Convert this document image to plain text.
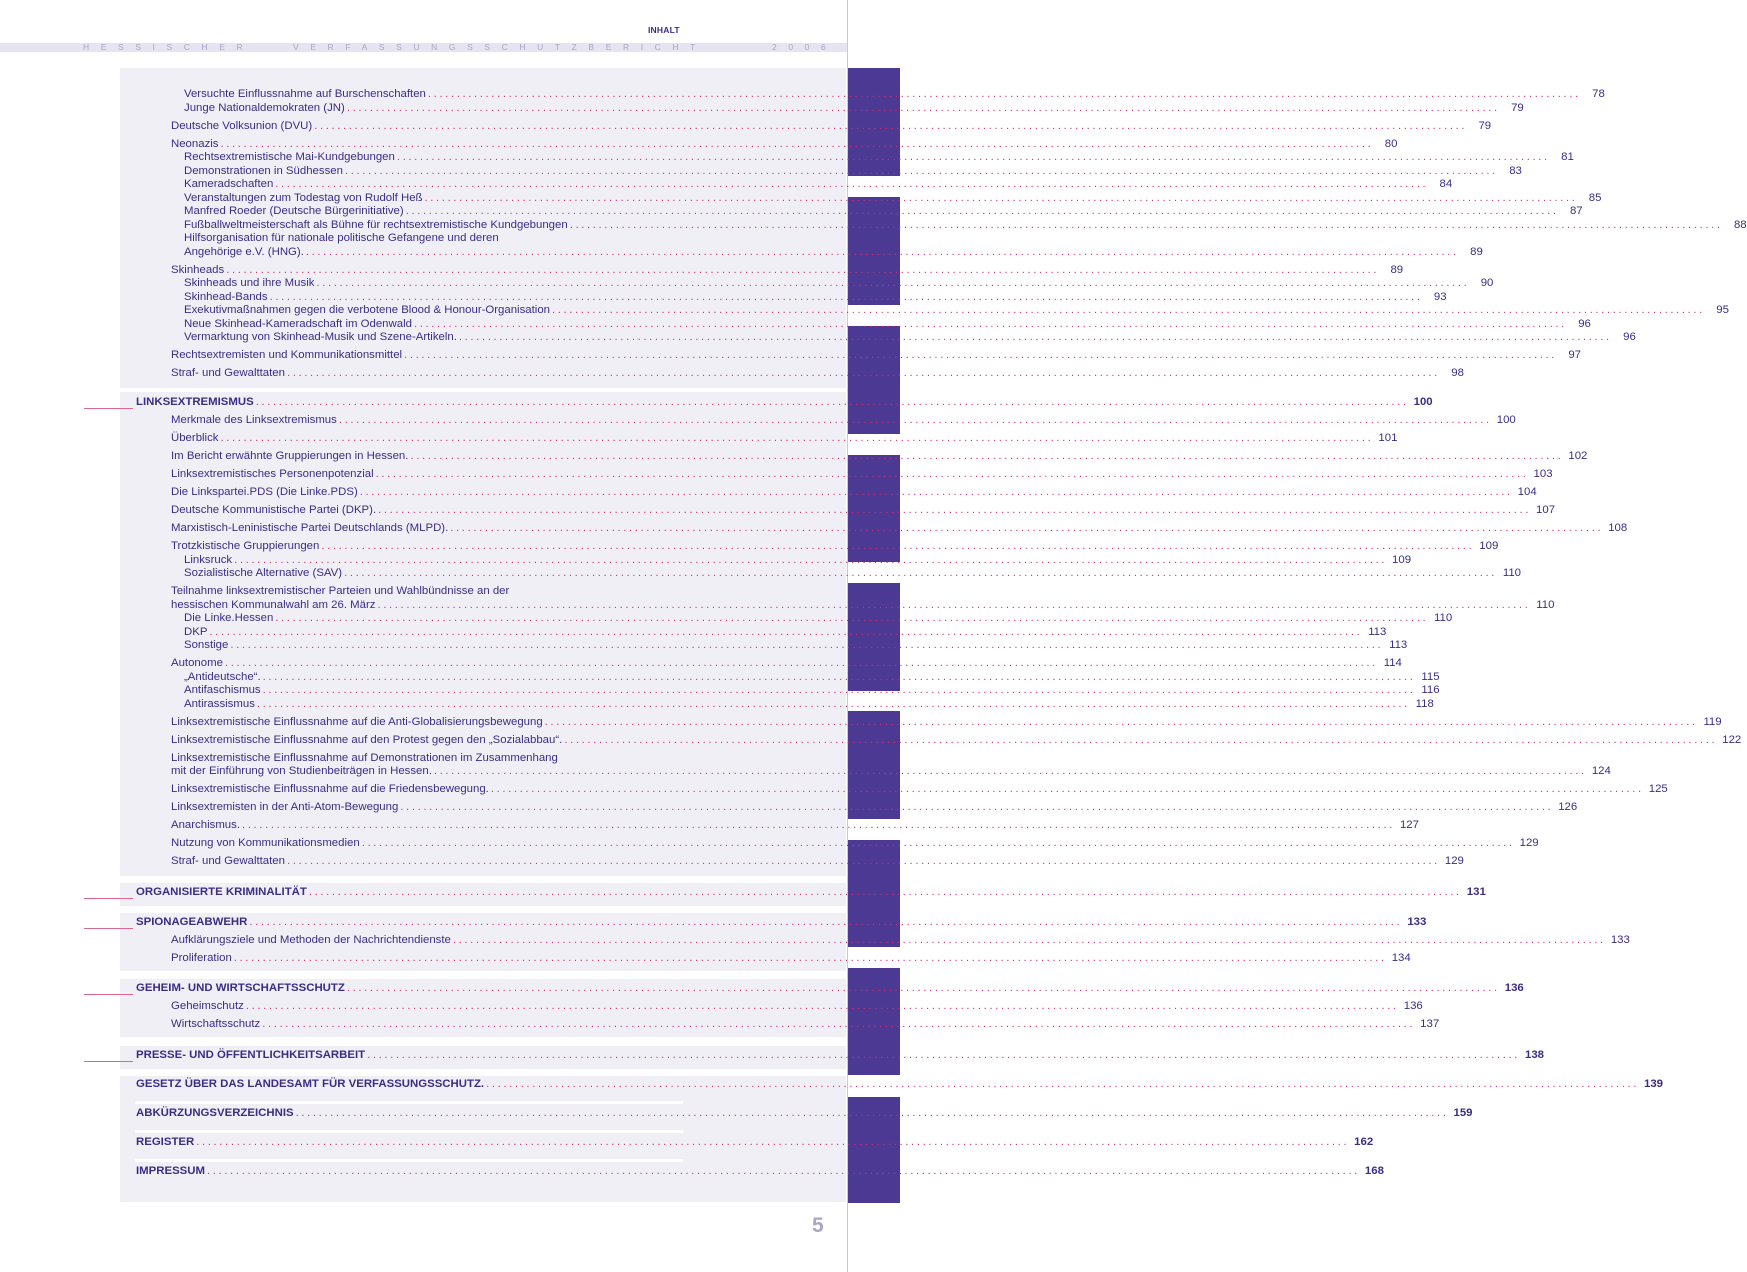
INHALT
HESSISCHER	VERFASSUNGSSCHUTZBERICHT	2006
Versuchte Einflussnahme auf Burschenschaften ........................................................................................................................................................................................................ 78
Junge Nationaldemokraten (JN) ........................................................................................................................................................................................................ 79
Deutsche Volksunion (DVU) ........................................................................................................................................................................................................ 79
Neonazis ........................................................................................................................................................................................................ 80
Rechtsextremistische Mai-Kundgebungen ........................................................................................................................................................................................................ 81
Demonstrationen in Südhessen ........................................................................................................................................................................................................ 83
Kameradschaften ........................................................................................................................................................................................................ 84
Veranstaltungen zum Todestag von Rudolf Heß ........................................................................................................................................................................................................ 85
Manfred Roeder (Deutsche Bürgerinitiative) ........................................................................................................................................................................................................ 87
Fußballweltmeisterschaft als Bühne für rechtsextremistische Kundgebungen ........................................................................................................................................................................................................ 88
Hilfsorganisation für nationale politische Gefangene und deren
Angehörige e.V. (HNG). ........................................................................................................................................................................................................ 89
Skinheads ........................................................................................................................................................................................................ 89
Skinheads und ihre Musik ........................................................................................................................................................................................................ 90
Skinhead-Bands ........................................................................................................................................................................................................ 93
Exekutivmaßnahmen gegen die verbotene Blood & Honour-Organisation ........................................................................................................................................................................................................ 95
Neue Skinhead-Kameradschaft im Odenwald ........................................................................................................................................................................................................ 96
Vermarktung von Skinhead-Musik und Szene-Artikeln. ........................................................................................................................................................................................................ 96
Rechtsextremisten und Kommunikationsmittel ........................................................................................................................................................................................................ 97
Straf- und Gewalttaten ........................................................................................................................................................................................................ 98
LINKSEXTREMISMUS ........................................................................................................................................................................................................ 100
Merkmale des Linksextremismus ........................................................................................................................................................................................................ 100
Überblick ........................................................................................................................................................................................................ 101
Im Bericht erwähnte Gruppierungen in Hessen. ........................................................................................................................................................................................................ 102
Linksextremistisches Personenpotenzial ........................................................................................................................................................................................................ 103
Die Linkspartei.PDS (Die Linke.PDS) ........................................................................................................................................................................................................ 104
Deutsche Kommunistische Partei (DKP). ........................................................................................................................................................................................................ 107
Marxistisch-Leninistische Partei Deutschlands (MLPD). ........................................................................................................................................................................................................ 108
Trotzkistische Gruppierungen ........................................................................................................................................................................................................ 109
Linksruck ........................................................................................................................................................................................................ 109
Sozialistische Alternative (SAV) ........................................................................................................................................................................................................ 110
Teilnahme linksextremistischer Parteien und Wahlbündnisse an der
hessischen Kommunalwahl am 26. März ........................................................................................................................................................................................................ 110
Die Linke.Hessen ........................................................................................................................................................................................................ 110
DKP ........................................................................................................................................................................................................ 113
Sonstige ........................................................................................................................................................................................................ 113
Autonome ........................................................................................................................................................................................................ 114
„Antideutsche“. ........................................................................................................................................................................................................ 115
Antifaschismus ........................................................................................................................................................................................................ 116
Antirassismus ........................................................................................................................................................................................................ 118
Linksextremistische Einflussnahme auf die Anti-Globalisierungsbewegung ........................................................................................................................................................................................................ 119
Linksextremistische Einflussnahme auf den Protest gegen den „Sozialabbau“. ........................................................................................................................................................................................................ 122
Linksextremistische Einflussnahme auf Demonstrationen im Zusammenhang
mit der Einführung von Studienbeiträgen in Hessen. ........................................................................................................................................................................................................ 124
Linksextremistische Einflussnahme auf die Friedensbewegung. ........................................................................................................................................................................................................ 125
Linksextremisten in der Anti-Atom-Bewegung ........................................................................................................................................................................................................ 126
Anarchismus. ........................................................................................................................................................................................................ 127
Nutzung von Kommunikationsmedien ........................................................................................................................................................................................................ 129
Straf- und Gewalttaten ........................................................................................................................................................................................................ 129
ORGANISIERTE KRIMINALITÄT ........................................................................................................................................................................................................ 131
SPIONAGEABWEHR ........................................................................................................................................................................................................ 133
Aufklärungsziele und Methoden der Nachrichtendienste ........................................................................................................................................................................................................ 133
Proliferation ........................................................................................................................................................................................................ 134
GEHEIM- UND WIRTSCHAFTSSCHUTZ ........................................................................................................................................................................................................ 136
Geheimschutz ........................................................................................................................................................................................................ 136
Wirtschaftsschutz ........................................................................................................................................................................................................ 137
PRESSE- UND ÖFFENTLICHKEITSARBEIT ........................................................................................................................................................................................................ 138
GESETZ ÜBER DAS LANDESAMT FÜR VERFASSUNGSSCHUTZ. ........................................................................................................................................................................................................ 139
ABKÜRZUNGSVERZEICHNIS ........................................................................................................................................................................................................ 159
REGISTER ........................................................................................................................................................................................................ 162
IMPRESSUM ........................................................................................................................................................................................................ 168
5
